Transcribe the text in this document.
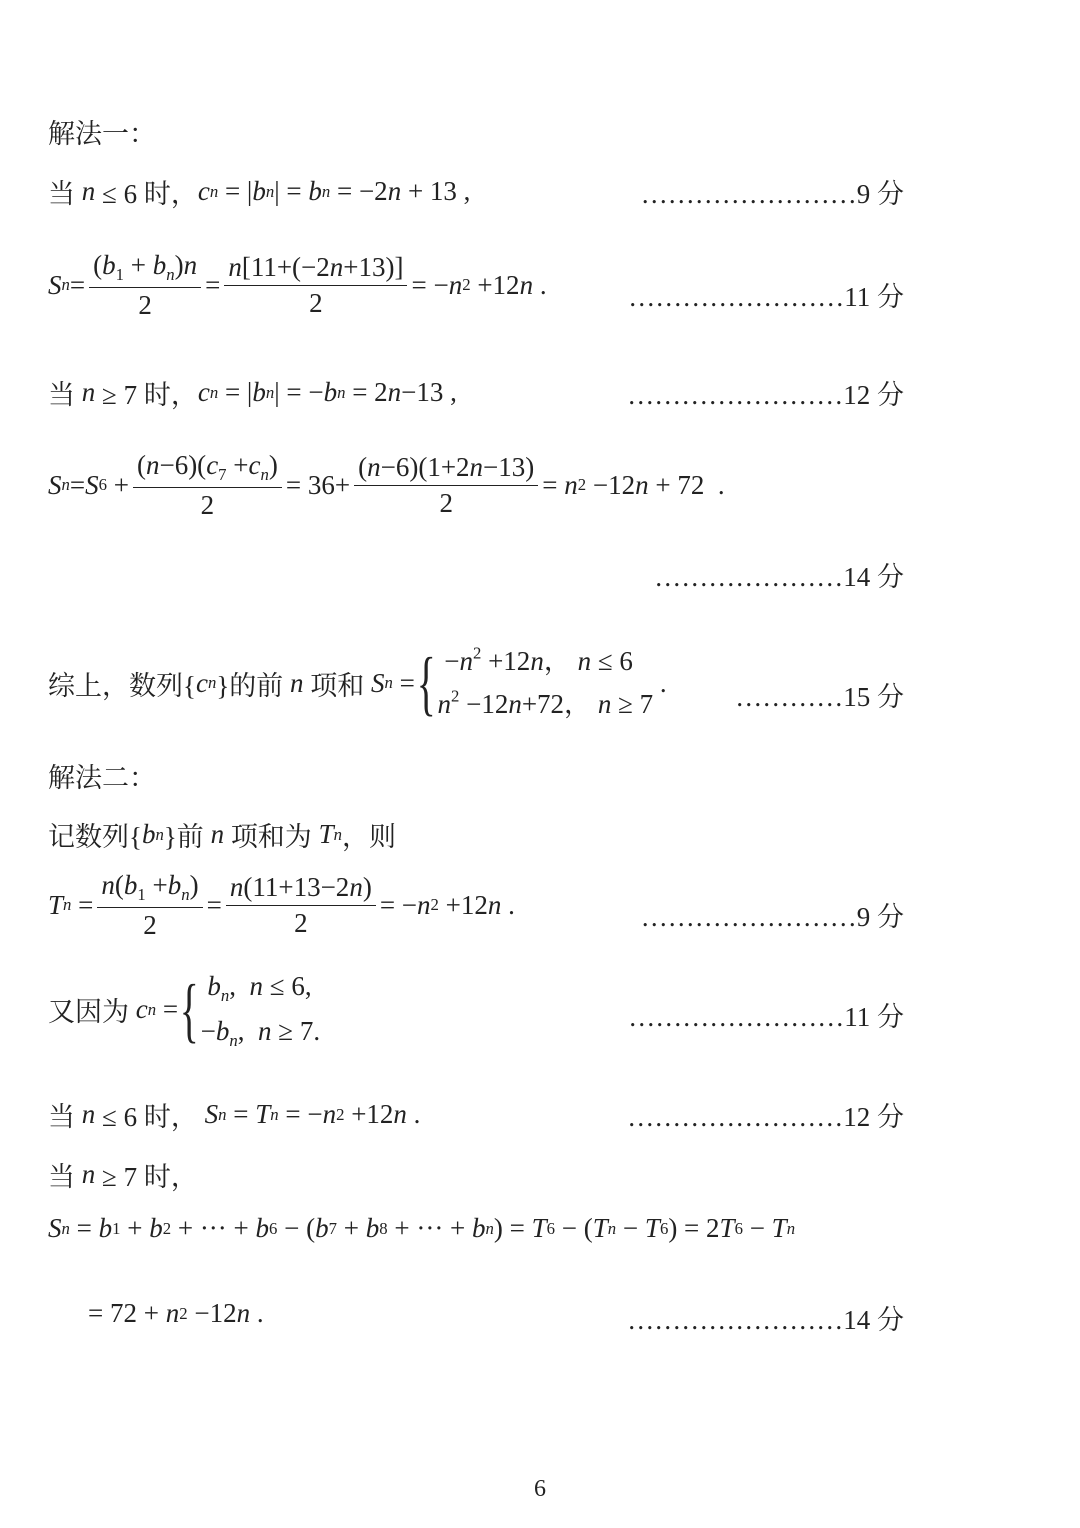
解法一：
当 n ≤ 6 时， c n = | b n | = b n = −2 n + 13 ,	……………………9 分
S $n = \frac{(b_1 + b_n)n}{2} = \frac{n[11+(-2n+13)]}{2}$ = − n 2 +12 n .	……………………11 分
当 n ≥ 7 时， c n = | b n | = − b n = 2 n −13 ,	……………………12 分
S n = S $6 + \frac{(n-6)(c_7 +c_n)}{2} = 36+ \frac{(n-6)(1+2n-13)}{2} = n$ 2 −12 n + 72  .
…………………14 分
综上，数列{ c n }的前 n 项和 S n = { $-n^2 +12n$， n ≤ 6
$n^2 -12n+72$， n ≥ 7
.	…………15 分
解法二：
记数列{ b n }前 n 项和为 T n ，则
T $n = \frac{n(b_1 +b_n)}{2} = \frac{n(11+13-2n)}{2}$ = − n 2 +12 n .	……………………9 分
又因为 c n = { $b_n$,  n ≤ 6,
$-b_n$,  n ≥ 7.	……………………11 分
当 n ≤ 6 时， S n = T n = − n 2 +12 n .	……………………12 分
当 n ≥ 7 时，
S n = b 1 + b 2 + ··· + b 6 − ( b 7 + b 8 + ··· + b n ) = T 6 − ( T n − T 6 ) = 2 T 6 − T n
= 72 + n 2 −12 n .	……………………14 分
6
